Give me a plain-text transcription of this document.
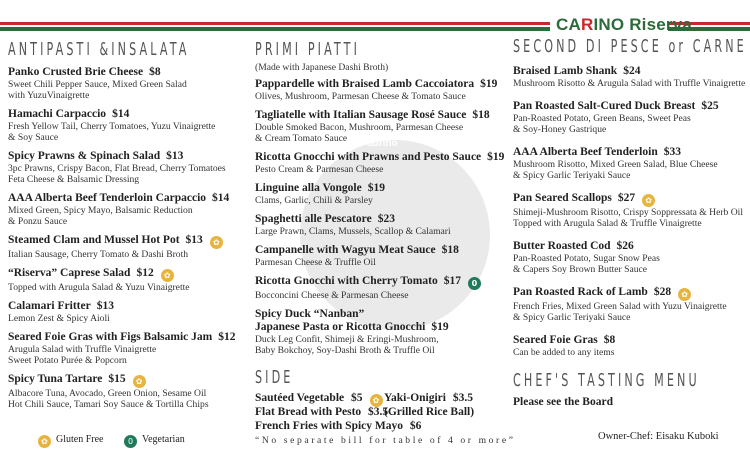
CARINO Riserva
il Padrino
ANTIPASTI &INSALATA
Panko Crusted Brie Cheese $8
Sweet Chili Pepper Sauce, Mixed Green Salad
with YuzuVinaigrette
Hamachi Carpaccio $14
Fresh Yellow Tail, Cherry Tomatoes, Yuzu Vinaigrette
& Soy Sauce
Spicy Prawns & Spinach Salad $13
3pc Prawns, Crispy Bacon, Flat Bread, Cherry Tomatoes
Feta Cheese & Balsamic Dressing
AAA Alberta Beef Tenderloin Carpaccio $14
Mixed Green, Spicy Mayo, Balsamic Reduction
& Ponzu Sauce
Steamed Clam and Mussel Hot Pot $13 ✿
Italian Sausage, Cherry Tomato & Dashi Broth
“Riserva” Caprese Salad $12 ✿
Topped with Arugula Salad & Yuzu Vinaigrette
Calamari Fritter $13
Lemon Zest & Spicy Aioli
Seared Foie Gras with Figs Balsamic Jam $12
Arugula Salad with Truffle Vinaigrette
Sweet Potato Purée & Popcorn
Spicy Tuna Tartare $15 ✿
Albacore Tuna, Avocado, Green Onion, Sesame Oil
Hot Chili Sauce, Tamari Soy Sauce & Tortilla Chips
PRIMI PIATTI
(Made with Japanese Dashi Broth)
Pappardelle with Braised Lamb Caccoiatora $19
Olives, Mushroom, Parmesan Cheese & Tomato Sauce
Tagliatelle with Italian Sausage Rosé Sauce $18
Double Smoked Bacon, Mushroom, Parmesan Cheese
& Cream Tomato Sauce
Ricotta Gnocchi with Prawns and Pesto Sauce $19
Pesto Cream & Parmesan Cheese
Linguine alla Vongole $19
Clams, Garlic, Chili & Parsley
Spaghetti alle Pescatore $23
Large Prawn, Clams, Mussels, Scallop & Calamari
Campanelle with Wagyu Meat Sauce $18
Parmesan Cheese & Truffle Oil
Ricotta Gnocchi with Cherry Tomato $17 0
Bocconcini Cheese & Parmesan Cheese
Spicy Duck “Nanban”
Japanese Pasta or Ricotta Gnocchi $19
Duck Leg Confit, Shimeji & Eringi-Mushroom,
Baby Bokchoy, Soy-Dashi Broth & Truffle Oil
SIDE
Sautéed Vegetable $5 ✿ Yaki-Onigiri $3.5
(Grilled Rice Ball)
Flat Bread with Pesto $3.5
French Fries with Spicy Mayo $6
“No separate bill for table of 4 or more”
SECOND DI PESCE or CARNE
Braised Lamb Shank $24
Mushroom Risotto & Arugula Salad with Truffle Vinaigrette
Pan Roasted Salt-Cured Duck Breast $25
Pan-Roasted Potato, Green Beans, Sweet Peas
& Soy-Honey Gastrique
AAA Alberta Beef Tenderloin $33
Mushroom Risotto, Mixed Green Salad, Blue Cheese
& Spicy Garlic Teriyaki Sauce
Pan Seared Scallops $27 ✿
Shimeji-Mushroom Risotto, Crispy Soppressata & Herb Oil
Topped with Arugula Salad & Truffle Vinaigrette
Butter Roasted Cod $26
Pan-Roasted Potato, Sugar Snow Peas
& Capers Soy Brown Butter Sauce
Pan Roasted Rack of Lamb $28 ✿
French Fries, Mixed Green Salad with Yuzu Vinaigrette
& Spicy Garlic Teriyaki Sauce
Seared Foie Gras $8
Can be added to any items
CHEF'S TASTING MENU
Please see the Board
✿ Gluten Free	0 Vegetarian	Owner-Chef: Eisaku Kuboki
